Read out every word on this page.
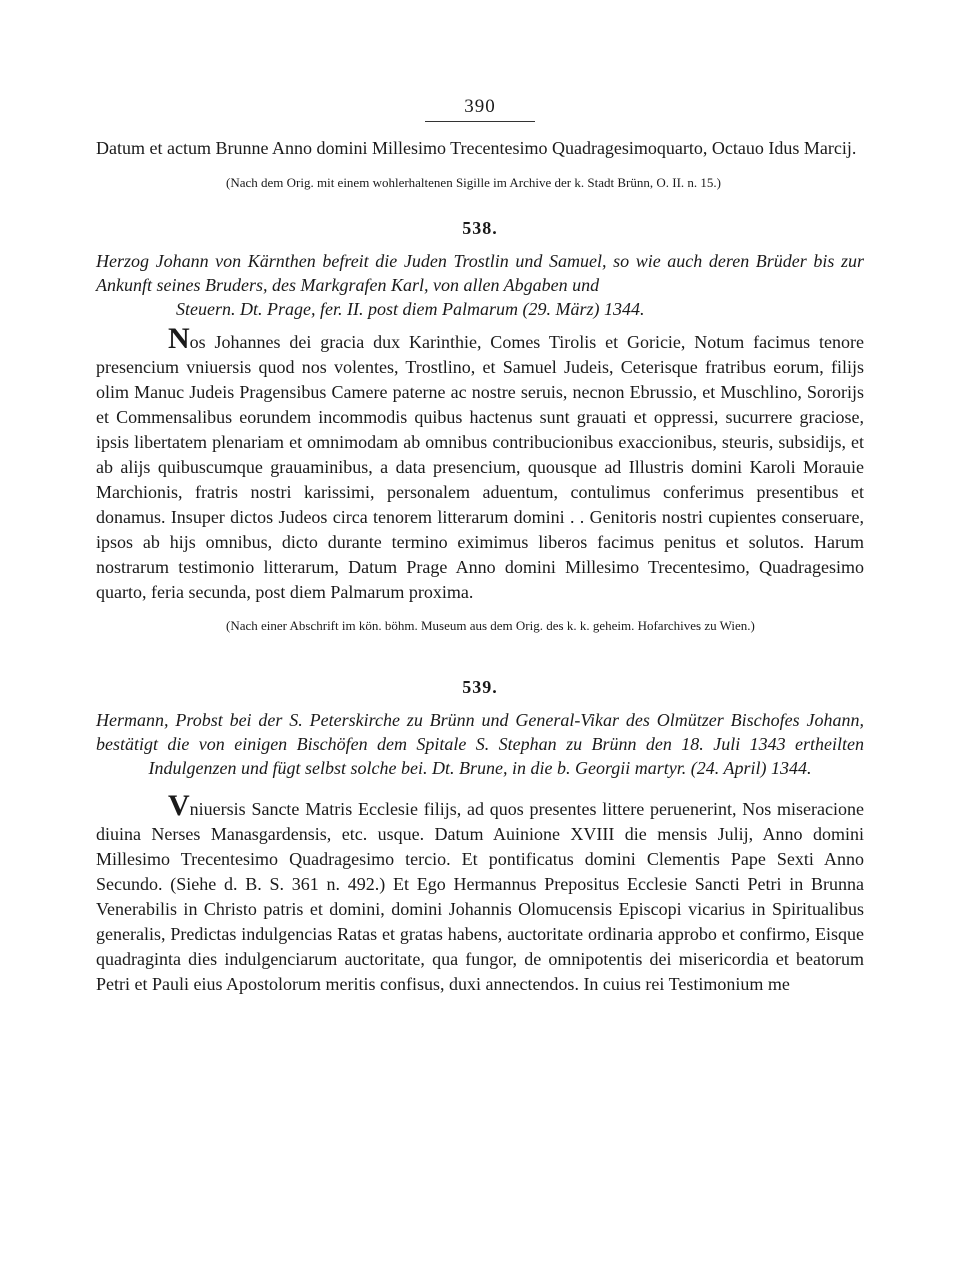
390

Datum et actum Brunne Anno domini Millesimo Trecentesimo Quadragesimoquarto, Octauo Idus Marcij.

(Nach dem Orig. mit einem wohlerhaltenen Sigille im Archive der k. Stadt Brünn, O. II. n. 15.)

538.
Herzog Johann von Kärnthen befreit die Juden Trostlin und Samuel, so wie auch deren Brüder bis zur Ankunft seines Bruders, des Markgrafen Karl, von allen Abgaben und
Steuern. Dt. Prage, fer. II. post diem Palmarum (29. März) 1344.

Nos Johannes dei gracia dux Karinthie, Comes Tirolis et Goricie, Notum facimus tenore presencium vniuersis quod nos volentes, Trostlino, et Samuel Judeis, Ceterisque fratribus eorum, filijs olim Manuc Judeis Pragensibus Camere paterne ac nostre seruis, necnon Ebrussio, et Muschlino, Sororijs et Commensalibus eorundem incommodis quibus hactenus sunt grauati et oppressi, sucurrere graciose, ipsis libertatem plenariam et omnimodam ab omnibus contribucionibus exaccionibus, steuris, subsidijs, et ab alijs quibuscumque grauaminibus, a data presencium, quousque ad Illustris domini Karoli Morauie Marchionis, fratris nostri karissimi, personalem aduentum, contulimus conferimus presentibus et donamus. Insuper dictos Judeos circa tenorem litterarum domini . . Genitoris nostri cupientes conseruare, ipsos ab hijs omnibus, dicto durante termino eximimus liberos facimus penitus et solutos. Harum nostrarum testimonio litterarum, Datum Prage Anno domini Millesimo Trecentesimo, Quadragesimo quarto, feria secunda, post diem Palmarum proxima.

(Nach einer Abschrift im kön. böhm. Museum aus dem Orig. des k. k. geheim. Hofarchives zu Wien.)

539.

Hermann, Probst bei der S. Peterskirche zu Brünn und General-Vikar des Olmützer Bischofes Johann, bestätigt die von einigen Bischöfen dem Spitale S. Stephan zu Brünn den 18. Juli 1343 ertheilten Indulgenzen und fügt selbst solche bei. Dt. Brune, in die b. Georgii martyr. (24. April) 1344.

Vniuersis Sancte Matris Ecclesie filijs, ad quos presentes littere peruenerint, Nos miseracione diuina Nerses Manasgardensis, etc. usque. Datum Auinione XVIII die mensis Julij, Anno domini Millesimo Trecentesimo Quadragesimo tercio. Et pontificatus domini Clementis Pape Sexti Anno Secundo. (Siehe d. B. S. 361 n. 492.) Et Ego Hermannus Prepositus Ecclesie Sancti Petri in Brunna Venerabilis in Christo patris et domini, domini Johannis Olomucensis Episcopi vicarius in Spiritualibus generalis, Predictas indulgencias Ratas et gratas habens, auctoritate ordinaria approbo et confirmo, Eisque quadraginta dies indulgenciarum auctoritate, qua fungor, de omnipotentis dei misericordia et beatorum Petri et Pauli eius Apostolorum meritis confisus, duxi annectendos. In cuius rei Testimonium me
